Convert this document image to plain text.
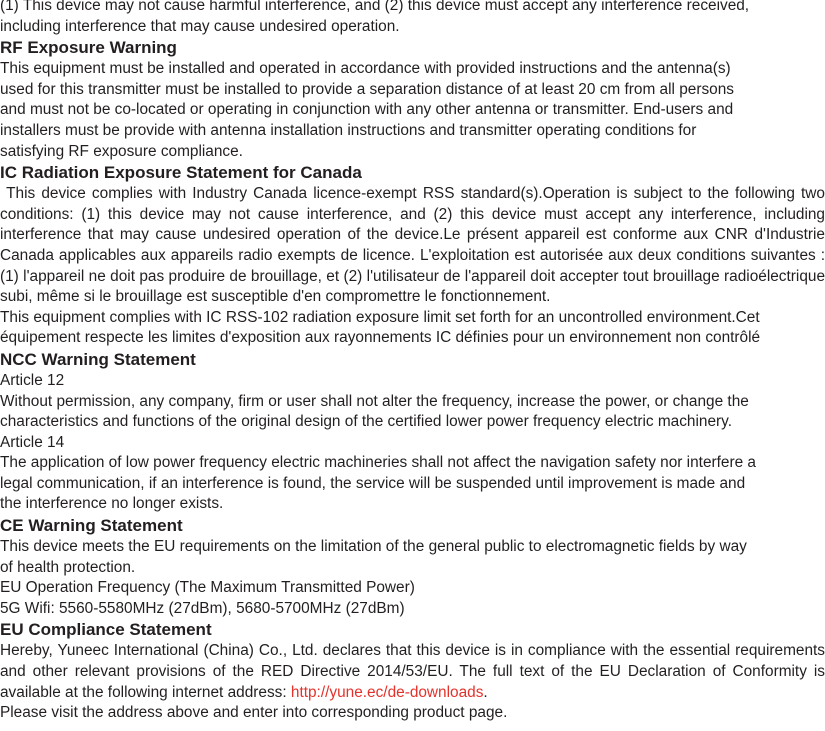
(1) This device may not cause harmful interference, and (2) this device must accept any interference received,

including interference that may cause undesired operation.

RF Exposure Warning

This equipment must be installed and operated in accordance with provided instructions and the antenna(s)

used for this transmitter must be installed to provide a separation distance of at least 20 cm from all persons

and must not be co-located or operating in conjunction with any other antenna or transmitter. End-users and

installers must be provide with antenna installation instructions and transmitter operating conditions for

satisfying RF exposure compliance.

IC Radiation Exposure Statement for Canada

This device complies with Industry Canada licence-exempt RSS standard(s).Operation is subject to the following two conditions: (1) this device may not cause interference, and (2) this device must accept any interference, including interference that may cause undesired operation of the device.Le présent appareil est conforme aux CNR d'Industrie Canada applicables aux appareils radio exempts de licence. L'exploitation est autorisée aux deux conditions suivantes : (1) l'appareil ne doit pas produire de brouillage, et (2) l'utilisateur de l'appareil doit accepter tout brouillage radioélectrique subi, même si le brouillage est susceptible d'en compromettre le fonctionnement.

This equipment complies with IC RSS-102 radiation exposure limit set forth for an uncontrolled environment.Cet

équipement respecte les limites d'exposition aux rayonnements IC définies pour un environnement non contrôlé

NCC Warning Statement

Article 12

Without permission, any company, firm or user shall not alter the frequency, increase the power, or change the

characteristics and functions of the original design of the certified lower power frequency electric machinery.

Article 14

The application of low power frequency electric machineries shall not affect the navigation safety nor interfere a

legal communication, if an interference is found, the service will be suspended until improvement is made and

the interference no longer exists.

CE Warning Statement

This device meets the EU requirements on the limitation of the general public to electromagnetic fields by way

of health protection.

EU Operation Frequency (The Maximum Transmitted Power)

5G Wifi: 5560-5580MHz (27dBm), 5680-5700MHz (27dBm)

EU Compliance Statement

Hereby, Yuneec International (China) Co., Ltd. declares that this device is in compliance with the essential requirements and other relevant provisions of the RED Directive 2014/53/EU. The full text of the EU Declaration of Conformity is available at the following internet address: http://yune.ec/de-downloads.

Please visit the address above and enter into corresponding product page.
